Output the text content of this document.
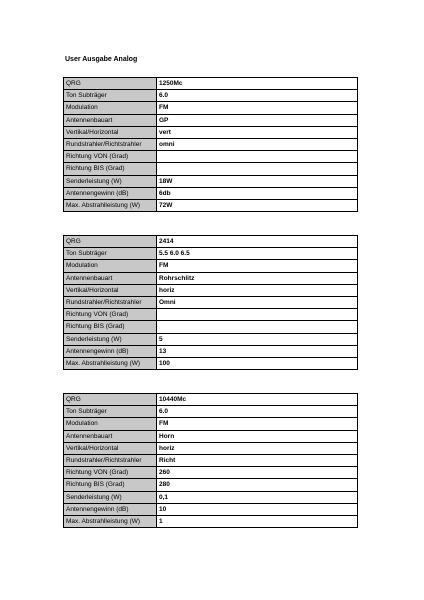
User Ausgabe Analog
QRG	1250Mc
Ton Subträger	6.0
Modulation	FM
Antennenbauart	GP
Vertikal/Horizontal	vert
Rundstrahler/Richtstrahler	omni
Richtung VON (Grad)	
Richtung BIS (Grad)	
Senderleistung (W)	18W
Antennengewinn (dB)	6db
Max. Abstrahlleistung (W)	72W
QRG	2414
Ton Subträger	5.5 6.0 6.5
Modulation	FM
Antennenbauart	Rohrschlitz
Vertikal/Horizontal	horiz
Rundstrahler/Richtstrahler	Omni
Richtung VON (Grad)	
Richtung BIS (Grad)	
Senderleistung (W)	5
Antennengewinn (dB)	13
Max. Abstrahlleistung (W)	100
QRG	10440Mc
Ton Subträger	6.0
Modulation	FM
Antennenbauart	Horn
Vertikal/Horizontal	horiz
Rundstrahler/Richtstrahler	Richt
Richtung VON (Grad)	260
Richtung BIS (Grad)	280
Senderleistung (W)	0,1
Antennengewinn (dB)	10
Max. Abstrahlleistung (W)	1
